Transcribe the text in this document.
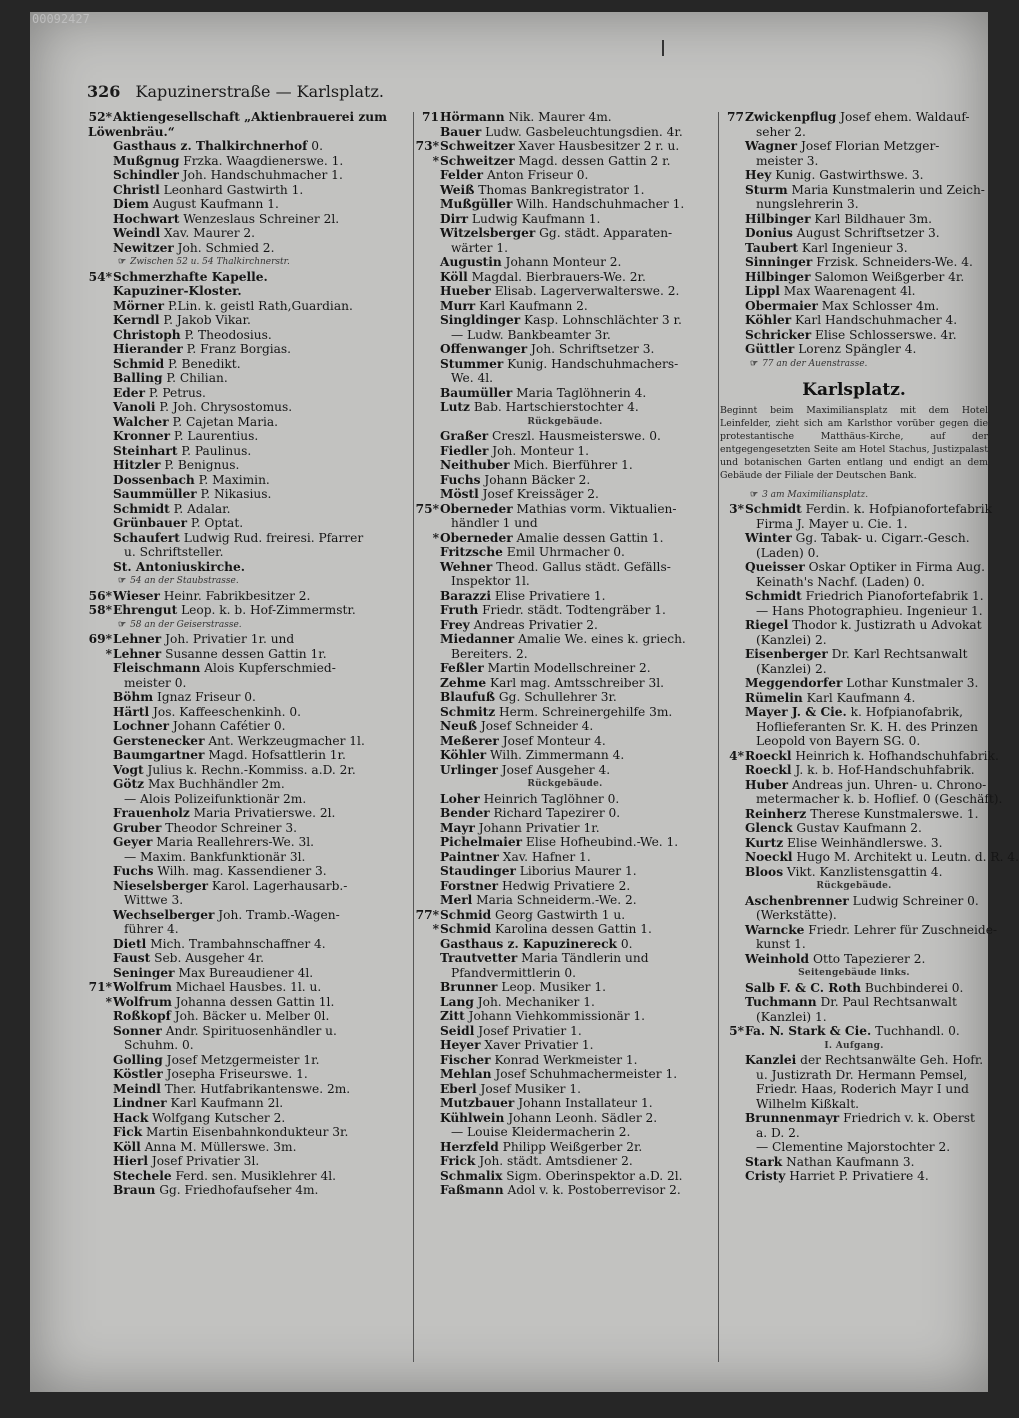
00092427
326 Kapuzinerstraße — Karlsplatz.
52*Aktiengesellschaft „Aktienbrauerei zum Löwenbräu.“
Gasthaus z. Thalkirchnerhof 0.
Mußgnug Frzka. Waagdienerswe. 1.
Schindler Joh. Handschuhmacher 1.
Christl Leonhard Gastwirth 1.
Diem August Kaufmann 1.
Hochwart Wenzeslaus Schreiner 2l.
Weindl Xav. Maurer 2.
Newitzer Joh. Schmied 2.
☞ Zwischen 52 u. 54 Thalkirchnerstr.
54*Schmerzhafte Kapelle.
Kapuziner-Kloster.
Mörner P.Lin. k. geistl Rath,Guardian.
Kerndl P. Jakob Vikar.
Christoph P. Theodosius.
Hierander P. Franz Borgias.
Schmid P. Benedikt.
Balling P. Chilian.
Eder P. Petrus.
Vanoli P. Joh. Chrysostomus.
Walcher P. Cajetan Maria.
Kronner P. Laurentius.
Steinhart P. Paulinus.
Hitzler P. Benignus.
Dossenbach P. Maximin.
Saummüller P. Nikasius.
Schmidt P. Adalar.
Grünbauer P. Optat.
Schaufert Ludwig Rud. freiresi. Pfarrer
u. Schriftsteller.
St. Antoniuskirche.
☞ 54 an der Staubstrasse.
56*Wieser Heinr. Fabrikbesitzer 2.
58*Ehrengut Leop. k. b. Hof-Zimmermstr.
☞ 58 an der Geiserstrasse.
69*Lehner Joh. Privatier 1r. und
*Lehner Susanne dessen Gattin 1r.
Fleischmann Alois Kupferschmied-
meister 0.
Böhm Ignaz Friseur 0.
Härtl Jos. Kaffeeschenkinh. 0.
Lochner Johann Cafétier 0.
Gerstenecker Ant. Werkzeugmacher 1l.
Baumgartner Magd. Hofsattlerin 1r.
Vogt Julius k. Rechn.-Kommiss. a.D. 2r.
Götz Max Buchhändler 2m.
— Alois Polizeifunktionär 2m.
Frauenholz Maria Privatierswe. 2l.
Gruber Theodor Schreiner 3.
Geyer Maria Reallehrers-We. 3l.
— Maxim. Bankfunktionär 3l.
Fuchs Wilh. mag. Kassendiener 3.
Nieselsberger Karol. Lagerhausarb.-
Wittwe 3.
Wechselberger Joh. Tramb.-Wagen-
führer 4.
Dietl Mich. Trambahnschaffner 4.
Faust Seb. Ausgeher 4r.
Seninger Max Bureaudiener 4l.
71*Wolfrum Michael Hausbes. 1l. u.
*Wolfrum Johanna dessen Gattin 1l.
Roßkopf Joh. Bäcker u. Melber 0l.
Sonner Andr. Spirituosenhändler u.
Schuhm. 0.
Golling Josef Metzgermeister 1r.
Köstler Josepha Friseurswe. 1.
Meindl Ther. Hutfabrikantenswe. 2m.
Lindner Karl Kaufmann 2l.
Hack Wolfgang Kutscher 2.
Fick Martin Eisenbahnkondukteur 3r.
Köll Anna M. Müllerswe. 3m.
Hierl Josef Privatier 3l.
Stechele Ferd. sen. Musiklehrer 4l.
Braun Gg. Friedhofaufseher 4m.
71Hörmann Nik. Maurer 4m.
Bauer Ludw. Gasbeleuchtungsdien. 4r.
73*Schweitzer Xaver Hausbesitzer 2 r. u.
*Schweitzer Magd. dessen Gattin 2 r.
Felder Anton Friseur 0.
Weiß Thomas Bankregistrator 1.
Mußgüller Wilh. Handschuhmacher 1.
Dirr Ludwig Kaufmann 1.
Witzelsberger Gg. städt. Apparaten-
wärter 1.
Augustin Johann Monteur 2.
Köll Magdal. Bierbrauers-We. 2r.
Hueber Elisab. Lagerverwalterswe. 2.
Murr Karl Kaufmann 2.
Singldinger Kasp. Lohnschlächter 3 r.
— Ludw. Bankbeamter 3r.
Offenwanger Joh. Schriftsetzer 3.
Stummer Kunig. Handschuhmachers-
We. 4l.
Baumüller Maria Taglöhnerin 4.
Lutz Bab. Hartschierstochter 4.
Rückgebäude.
Graßer Creszl. Hausmeisterswe. 0.
Fiedler Joh. Monteur 1.
Neithuber Mich. Bierführer 1.
Fuchs Johann Bäcker 2.
Möstl Josef Kreissäger 2.
75*Oberneder Mathias vorm. Viktualien-
händler 1 und
*Oberneder Amalie dessen Gattin 1.
Fritzsche Emil Uhrmacher 0.
Wehner Theod. Gallus städt. Gefälls-
Inspektor 1l.
Barazzi Elise Privatiere 1.
Fruth Friedr. städt. Todtengräber 1.
Frey Andreas Privatier 2.
Miedanner Amalie We. eines k. griech.
Bereiters. 2.
Feßler Martin Modellschreiner 2.
Zehme Karl mag. Amtsschreiber 3l.
Blaufuß Gg. Schullehrer 3r.
Schmitz Herm. Schreinergehilfe 3m.
Neuß Josef Schneider 4.
Meßerer Josef Monteur 4.
Köhler Wilh. Zimmermann 4.
Urlinger Josef Ausgeher 4.
Rückgebäude.
Loher Heinrich Taglöhner 0.
Bender Richard Tapezirer 0.
Mayr Johann Privatier 1r.
Pichelmaier Elise Hofheubind.-We. 1.
Paintner Xav. Hafner 1.
Staudinger Liborius Maurer 1.
Forstner Hedwig Privatiere 2.
Merl Maria Schneiderm.-We. 2.
77*Schmid Georg Gastwirth 1 u.
*Schmid Karolina dessen Gattin 1.
Gasthaus z. Kapuzinereck 0.
Trautvetter Maria Tändlerin und
Pfandvermittlerin 0.
Brunner Leop. Musiker 1.
Lang Joh. Mechaniker 1.
Zitt Johann Viehkommissionär 1.
Seidl Josef Privatier 1.
Heyer Xaver Privatier 1.
Fischer Konrad Werkmeister 1.
Mehlan Josef Schuhmachermeister 1.
Eberl Josef Musiker 1.
Mutzbauer Johann Installateur 1.
Kühlwein Johann Leonh. Sädler 2.
— Louise Kleidermacherin 2.
Herzfeld Philipp Weißgerber 2r.
Frick Joh. städt. Amtsdiener 2.
Schmalix Sigm. Oberinspektor a.D. 2l.
Faßmann Adol v. k. Postoberrevisor 2.
77Zwickenpflug Josef ehem. Waldauf-
seher 2.
Wagner Josef Florian Metzger-
meister 3.
Hey Kunig. Gastwirthswe. 3.
Sturm Maria Kunstmalerin und Zeich-
nungslehrerin 3.
Hilbinger Karl Bildhauer 3m.
Donius August Schriftsetzer 3.
Taubert Karl Ingenieur 3.
Sinninger Frzisk. Schneiders-We. 4.
Hilbinger Salomon Weißgerber 4r.
Lippl Max Waarenagent 4l.
Obermaier Max Schlosser 4m.
Köhler Karl Handschuhmacher 4.
Schricker Elise Schlosserswe. 4r.
Güttler Lorenz Spängler 4.
☞ 77 an der Auenstrasse.
Karlsplatz.
Beginnt beim Maximiliansplatz mit dem Hotel Leinfelder, zieht sich am Karlsthor vorüber gegen die protestantische Matthäus-Kirche, auf der entgegengesetzten Seite am Hotel Stachus, Justizpalast und botanischen Garten entlang und endigt an dem Gebäude der Filiale der Deutschen Bank.
☞ 3 am Maximiliansplatz.
3*Schmidt Ferdin. k. Hofpianofortefabrik
Firma J. Mayer u. Cie. 1.
Winter Gg. Tabak- u. Cigarr.-Gesch.
(Laden) 0.
Queisser Oskar Optiker in Firma Aug.
Keinath's Nachf. (Laden) 0.
Schmidt Friedrich Pianofortefabrik 1.
— Hans Photographieu. Ingenieur 1.
Riegel Thodor k. Justizrath u Advokat
(Kanzlei) 2.
Eisenberger Dr. Karl Rechtsanwalt
(Kanzlei) 2.
Meggendorfer Lothar Kunstmaler 3.
Rümelin Karl Kaufmann 4.
Mayer J. & Cie. k. Hofpianofabrik,
Hoflieferanten Sr. K. H. des Prinzen
Leopold von Bayern SG. 0.
4*Roeckl Heinrich k. Hofhandschuhfabrik.
Roeckl J. k. b. Hof-Handschuhfabrik.
Huber Andreas jun. Uhren- u. Chrono-
metermacher k. b. Hoflief. 0 (Geschäft).
Reinherz Therese Kunstmalerswe. 1.
Glenck Gustav Kaufmann 2.
Kurtz Elise Weinhändlerswe. 3.
Noeckl Hugo M. Architekt u. Leutn. d. R. 4.
Bloos Vikt. Kanzlistensgattin 4.
Rückgebäude.
Aschenbrenner Ludwig Schreiner 0.
(Werkstätte).
Warncke Friedr. Lehrer für Zuschneide-
kunst 1.
Weinhold Otto Tapezierer 2.
Seitengebäude links.
Salb F. & C. Roth Buchbinderei 0.
Tuchmann Dr. Paul Rechtsanwalt
(Kanzlei) 1.
5*Fa. N. Stark & Cie. Tuchhandl. 0.
I. Aufgang.
Kanzlei der Rechtsanwälte Geh. Hofr.
u. Justizrath Dr. Hermann Pemsel,
Friedr. Haas, Roderich Mayr I und
Wilhelm Kißkalt.
Brunnenmayr Friedrich v. k. Oberst
a. D. 2.
— Clementine Majorstochter 2.
Stark Nathan Kaufmann 3.
Cristy Harriet P. Privatiere 4.
